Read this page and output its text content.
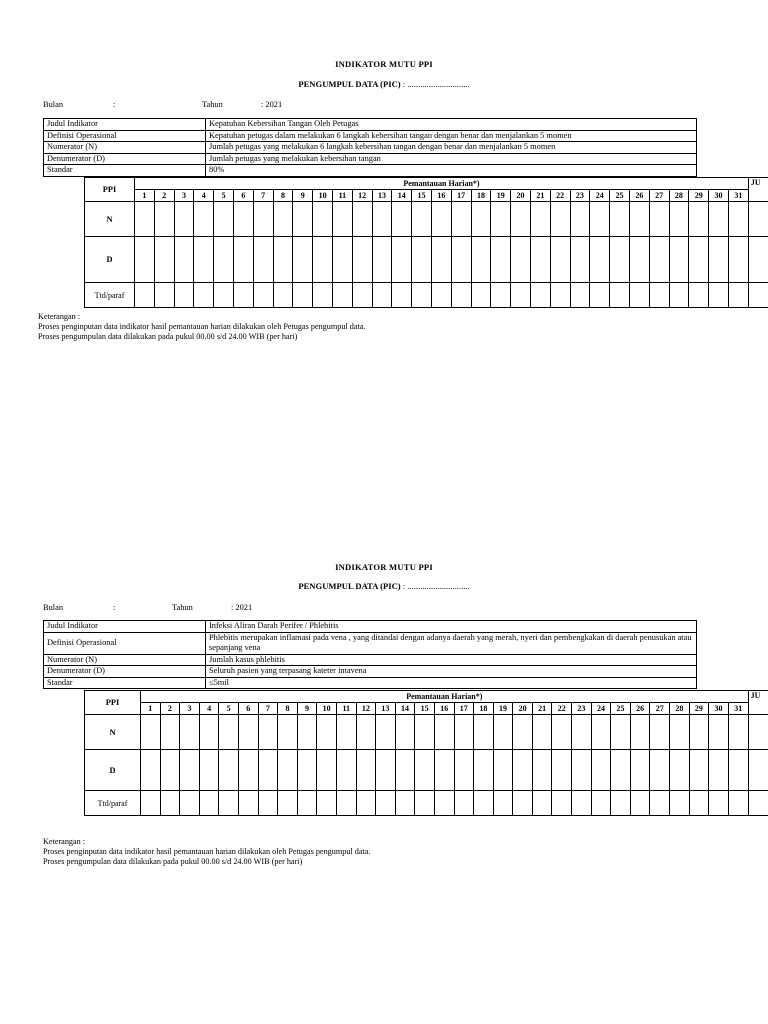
INDIKATOR MUTU PPI
PENGUMPUL DATA (PIC) : .............................
Bulan	:	Tahun	: 2021
Judul Indikator	Kepatuhan Kebersihan Tangan Oleh Petugas
Definisi Operasional	Kepatuhan petugas dalam melakukan 6 langkah kebersihan tangan dengan benar dan menjalankan 5 momen
Numerator (N)	Jumlah petugas yang melakukan 6 langkah kebersihan tangan dengan benar dan menjalankan 5 momen
Denumerator (D)	Jumlah petugas yang melakukan kebersihan tangan
Standar	80%
PPI	Pemantauan Harian*)																															JU
	1	2	3	4	5	6	7	8	9	10	11	12	13	14	15	16	17	18	19	20	21	22	23	24	25	26	27	28	29	30	31	
N																																
D																																
Ttd/paraf																																
Keterangan :
Proses penginputan data indikator hasil pemantauan harian dilakukan oleh Petugas pengumpul data.
Proses pengumpulan data dilakukan pada pukul 00.00 s/d 24.00 WIB (per hari)
INDIKATOR MUTU PPI
PENGUMPUL DATA (PIC) : .............................
Bulan	:	Tahun	: 2021
Judul Indikator	Infeksi Aliran Darah Perifer / Phlebitis
Definisi Operasional	Phlebitis merupakan inflamasi pada vena , yang ditandai dengan adanya daerah yang merah, nyeri dan pembengkakan di daerah penusukan atau sepanjang vena
Numerator (N)	Jumlah kasus phlebitis
Denumerator (D)	Seluruh pasien yang terpasang kateter intavena
Standar	≤5mil
PPI	Pemantauan Harian*)																															JU
	1	2	3	4	5	6	7	8	9	10	11	12	13	14	15	16	17	18	19	20	21	22	23	24	25	26	27	28	29	30	31	
N																																
D																																
Ttd/paraf																																
Keterangan :
Proses penginputan data indikator hasil pemantauan harian dilakukan oleh Petugas pengumpul data.
Proses pengumpulan data dilakukan pada pukul 00.00 s/d 24.00 WIB (per hari)
